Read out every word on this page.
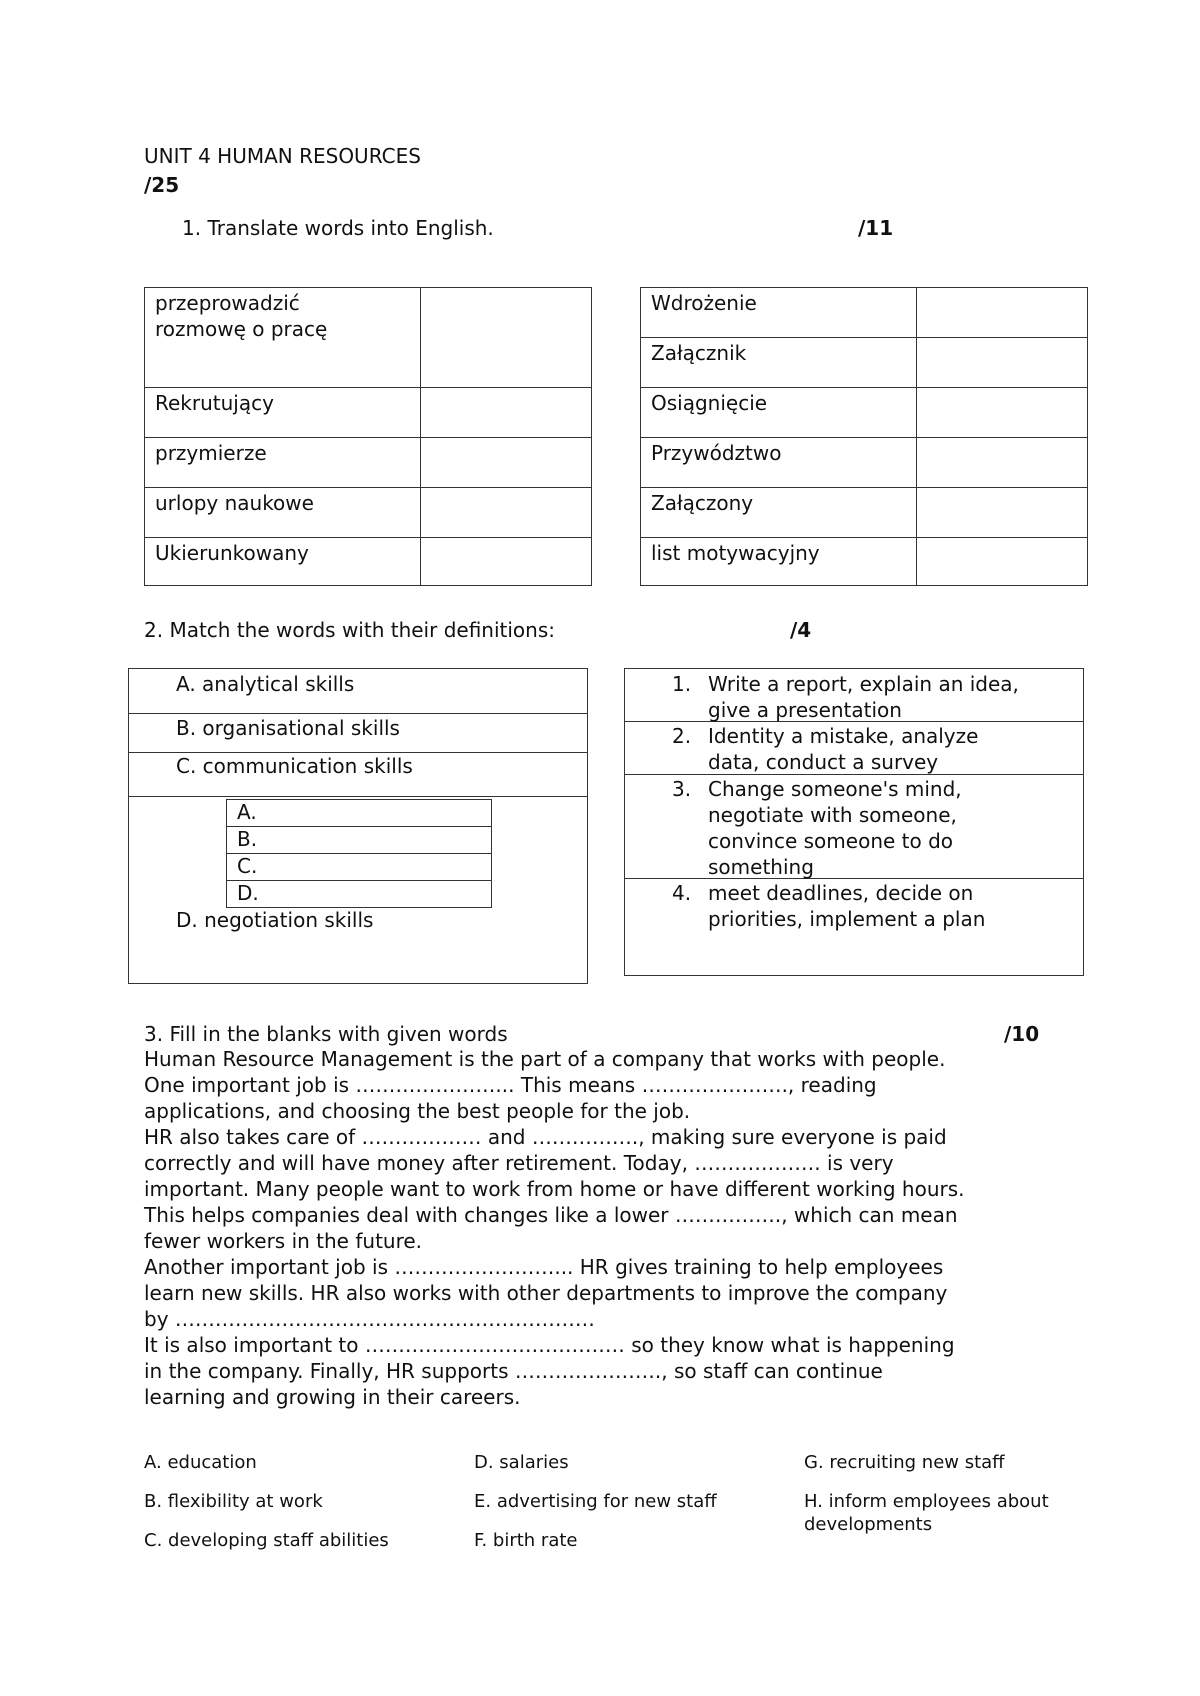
UNIT 4 HUMAN RESOURCES
/25
1. Translate words into English.	/11
przeprowadzić
rozmowę o pracę	

Rekrutujący	
przymierze	
urlopy naukowe	
Ukierunkowany	
Wdrożenie	
Załącznik	
Osiągnięcie	
Przywództwo	
Załączony	
list motywacyjny	
2. Match the words with their definitions:	/4
A. analytical skills
B. organisational skills
C. communication skills
D. negotiation skills
A.
B.
C.
D.
1. Write a report, explain an idea,
give a presentation
2. Identity a mistake, analyze
data, conduct a survey
3. Change someone's mind,
negotiate with someone,
convince someone to do
something
4. meet deadlines, decide on
priorities, implement a plan
3. Fill in the blanks with given words	/10
Human Resource Management is the part of a company that works with people.
One important job is …………………... This means …………………., reading
applications, and choosing the best people for the job.
HR also takes care of ……………… and ……………., making sure everyone is paid
correctly and will have money after retirement. Today, ………………. is very
important. Many people want to work from home or have different working hours.
This helps companies deal with changes like a lower ……………., which can mean
fewer workers in the future.
Another important job is ……………………... HR gives training to help employees
learn new skills. HR also works with other departments to improve the company
by ………………………………………………………
It is also important to ………………………………… so they know what is happening
in the company. Finally, HR supports …………………., so staff can continue
learning and growing in their careers.
A. education
B. flexibility at work
C. developing staff abilities
D. salaries
E. advertising for new staff
F. birth rate
G. recruiting new staff
H. inform employees about
developments
